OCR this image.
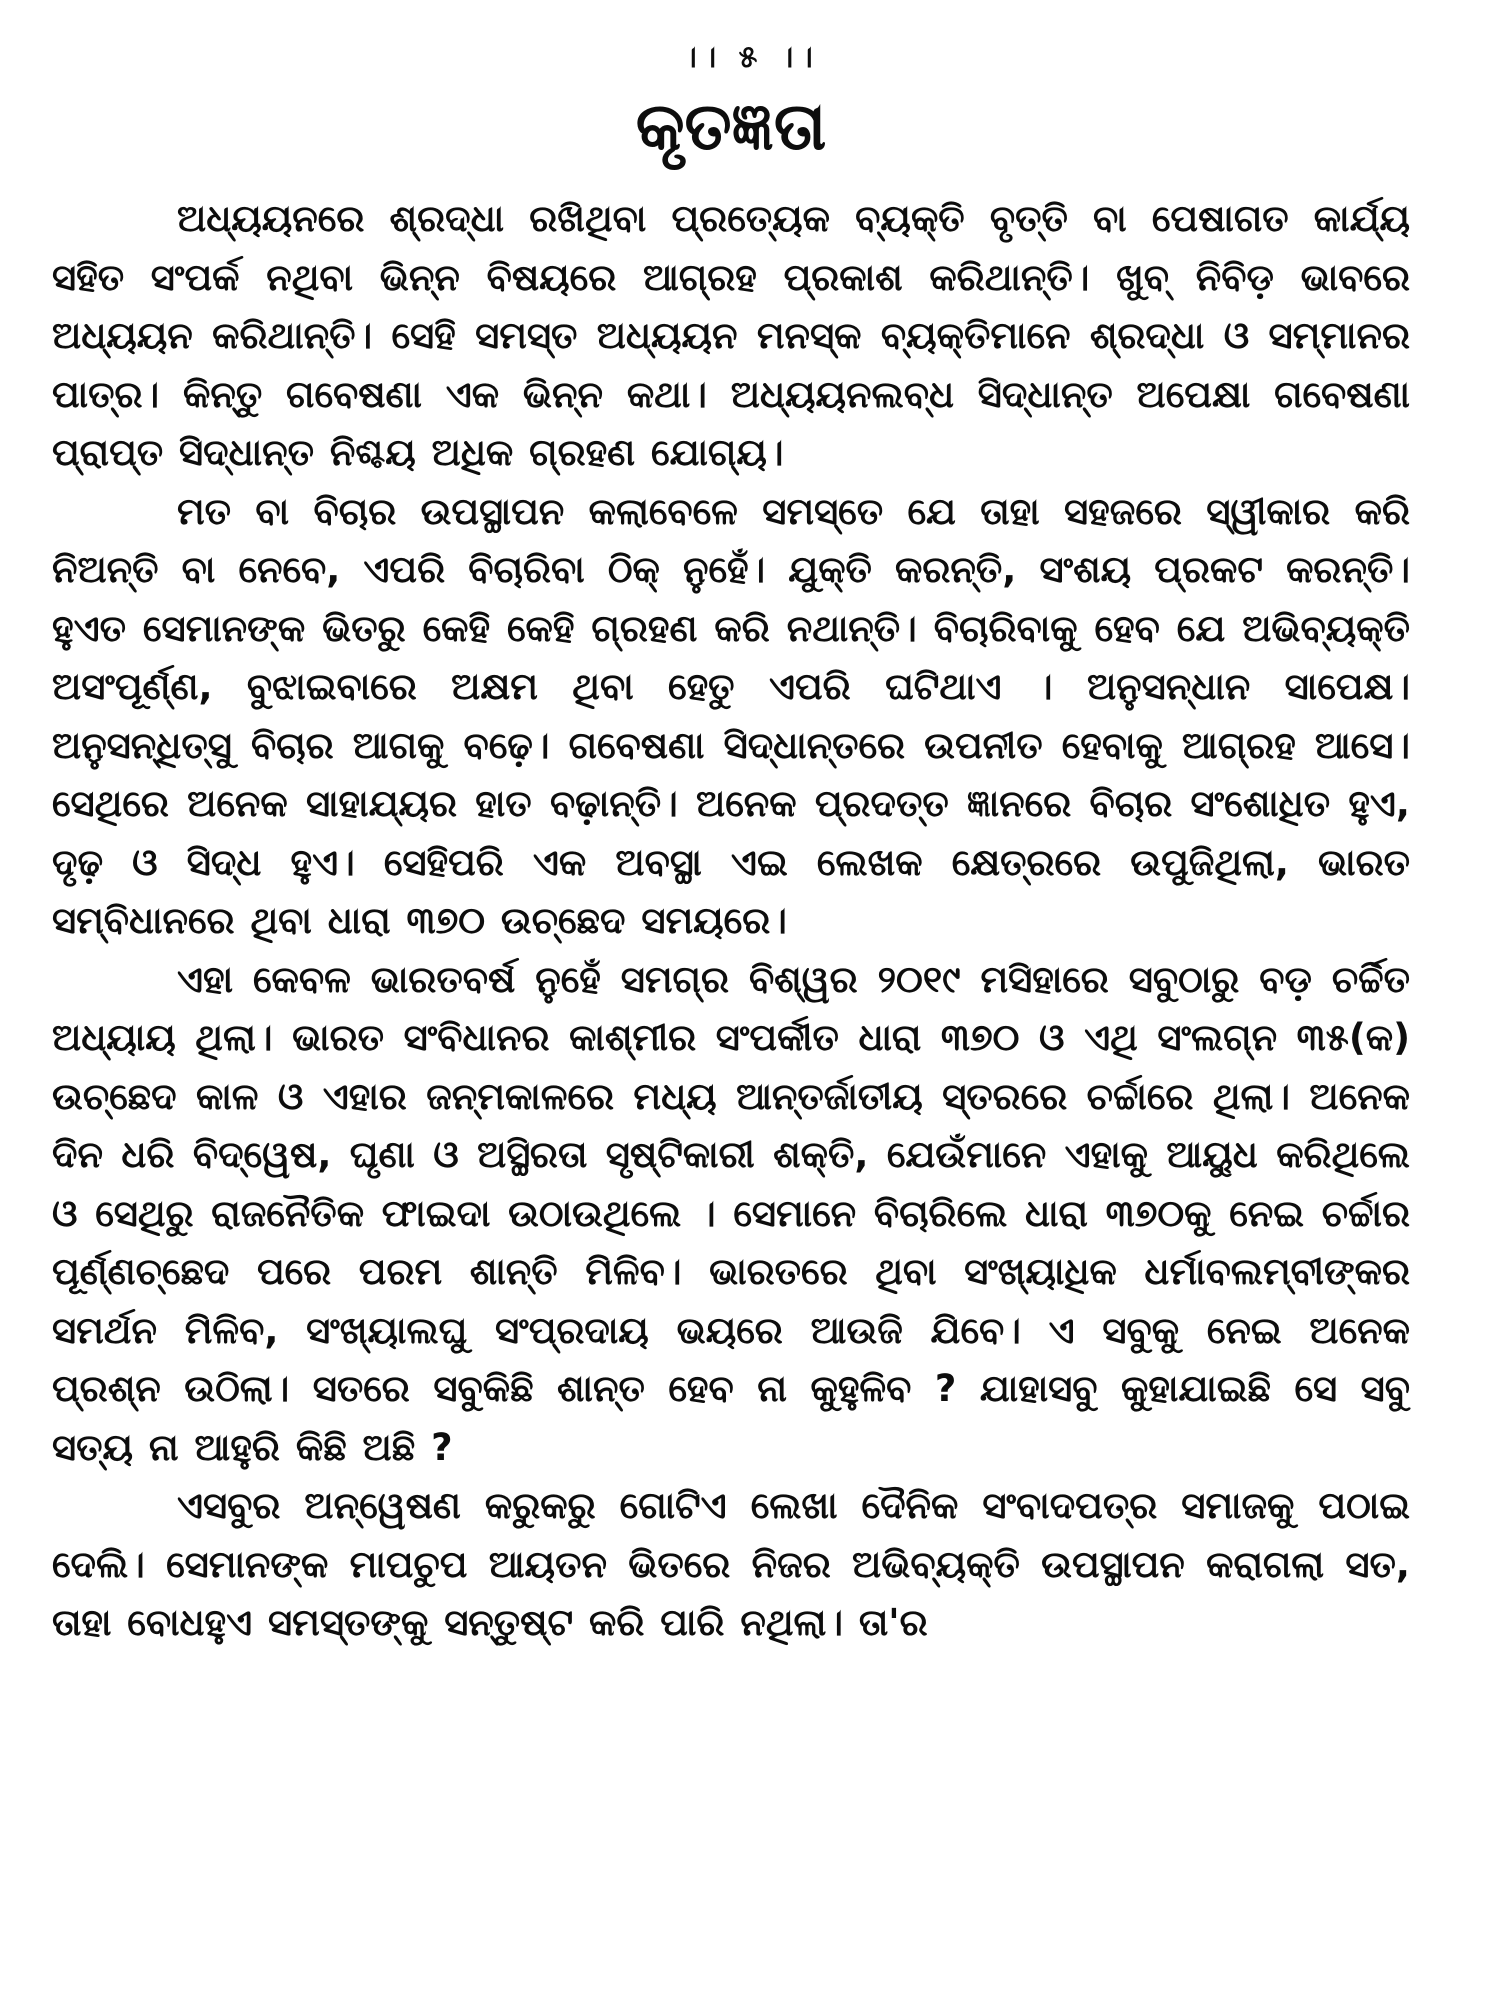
।। ୫ ।।
କୃତଜ୍ଞତା

ଅଧ୍ୟୟନରେ ଶ୍ରଦ୍ଧା ରଖିଥିବା ପ୍ରତ୍ୟେକ ବ୍ୟକ୍ତି ବୃତ୍ତି ବା ପେଷାଗତ କାର୍ଯ୍ୟ ସହିତ ସଂପର୍କ ନଥିବା ଭିନ୍ନ ବିଷୟରେ ଆଗ୍ରହ ପ୍ରକାଶ କରିଥାନ୍ତି। ଖୁବ୍ ନିବିଡ଼ ଭାବରେ ଅଧ୍ୟୟନ କରିଥାନ୍ତି। ସେହି ସମସ୍ତ ଅଧ୍ୟୟନ ମନସ୍କ ବ୍ୟକ୍ତିମାନେ ଶ୍ରଦ୍ଧା ଓ ସମ୍ମାନର ପାତ୍ର। କିନ୍ତୁ ଗବେଷଣା ଏକ ଭିନ୍ନ କଥା। ଅଧ୍ୟୟନଲବ୍ଧ ସିଦ୍ଧାନ୍ତ ଅପେକ୍ଷା ଗବେଷଣା ପ୍ରାପ୍ତ ସିଦ୍ଧାନ୍ତ ନିଶ୍ଚୟ ଅଧିକ ଗ୍ରହଣ ଯୋଗ୍ୟ।

ମତ ବା ବିଚାର ଉପସ୍ଥାପନ କଲାବେଳେ ସମସ୍ତେ ଯେ ତାହା ସହଜରେ ସ୍ୱୀକାର କରି ନିଅନ୍ତି ବା ନେବେ, ଏପରି ବିଚାରିବା ଠିକ୍ ନୁହେଁ। ଯୁକ୍ତି କରନ୍ତି, ସଂଶୟ ପ୍ରକଟ କରନ୍ତି। ହୁଏତ ସେମାନଙ୍କ ଭିତରୁ କେହି କେହି ଗ୍ରହଣ କରି ନଥାନ୍ତି। ବିଚାରିବାକୁ ହେବ ଯେ ଅଭିବ୍ୟକ୍ତି ଅସଂପୂର୍ଣ୍ଣ, ବୁଝାଇବାରେ ଅକ୍ଷମ ଥିବା ହେତୁ ଏପରି ଘଟିଥାଏ । ଅନୁସନ୍ଧାନ ସାପେକ୍ଷ। ଅନୁସନ୍ଧିତ୍ସୁ ବିଚାର ଆଗକୁ ବଢ଼େ। ଗବେଷଣା ସିଦ୍ଧାନ୍ତରେ ଉପନୀତ ହେବାକୁ ଆଗ୍ରହ ଆସେ। ସେଥିରେ ଅନେକ ସାହାଯ୍ୟର ହାତ ବଢ଼ାନ୍ତି। ଅନେକ ପ୍ରଦତ୍ତ ଜ୍ଞାନରେ ବିଚାର ସଂଶୋଧିତ ହୁଏ, ଦୃଢ଼ ଓ ସିଦ୍ଧ ହୁଏ। ସେହିପରି ଏକ ଅବସ୍ଥା ଏଇ ଲେଖକ କ୍ଷେତ୍ରରେ ଉପୁଜିଥିଲା, ଭାରତ ସମ୍ବିଧାନରେ ଥିବା ଧାରା ୩୭୦ ଉଚ୍ଛେଦ ସମୟରେ।

ଏହା କେବଳ ଭାରତବର୍ଷ ନୁହେଁ ସମଗ୍ର ବିଶ୍ୱର ୨୦୧୯ ମସିହାରେ ସବୁଠାରୁ ବଡ଼ ଚର୍ଚ୍ଚିତ ଅଧ୍ୟାୟ ଥିଲା। ଭାରତ ସଂବିଧାନର କାଶ୍ମୀର ସଂପର୍କୀତ ଧାରା ୩୭୦ ଓ ଏଥି ସଂଲଗ୍ନ ୩୫(କ) ଉଚ୍ଛେଦ କାଳ ଓ ଏହାର ଜନ୍ମକାଳରେ ମଧ୍ୟ ଆନ୍ତର୍ଜାତୀୟ ସ୍ତରରେ ଚର୍ଚ୍ଚାରେ ଥିଲା। ଅନେକ ଦିନ ଧରି ବିଦ୍ୱେଷ, ଘୃଣା ଓ ଅସ୍ଥିରତା ସୃଷ୍ଟିକାରୀ ଶକ୍ତି, ଯେଉଁମାନେ ଏହାକୁ ଆୟୁଧ କରିଥିଲେ ଓ ସେଥିରୁ ରାଜନୈତିକ ଫାଇଦା ଉଠାଉଥିଲେ । ସେମାନେ ବିଚାରିଲେ ଧାରା ୩୭୦କୁ ନେଇ ଚର୍ଚ୍ଚାର ପୂର୍ଣ୍ଣଚ୍ଛେଦ ପରେ ପରମ ଶାନ୍ତି ମିଳିବ। ଭାରତରେ ଥିବା ସଂଖ୍ୟାଧିକ ଧର୍ମାବଲମ୍ବୀଙ୍କର ସମର୍ଥନ ମିଳିବ, ସଂଖ୍ୟାଲଘୁ ସଂପ୍ରଦାୟ ଭୟରେ ଆଉଜି ଯିବେ। ଏ ସବୁକୁ ନେଇ ଅନେକ ପ୍ରଶ୍ନ ଉଠିଲା। ସତରେ ସବୁକିଛି ଶାନ୍ତ ହେବ ନା କୁହୁଳିବ ? ଯାହାସବୁ କୁହାଯାଇଛି ସେ ସବୁ ସତ୍ୟ ନା ଆହୁରି କିଛି ଅଛି ?

ଏସବୁର ଅନ୍ୱେଷଣ କରୁକରୁ ଗୋଟିଏ ଲେଖା ଦୈନିକ ସଂବାଦପତ୍ର ସମାଜକୁ ପଠାଇ ଦେଲି। ସେମାନଙ୍କ ମାପଚୁପ ଆୟତନ ଭିତରେ ନିଜର ଅଭିବ୍ୟକ୍ତି ଉପସ୍ଥାପନ କରାଗଲା ସତ, ତାହା ବୋଧହୁଏ ସମସ୍ତଙ୍କୁ ସନ୍ତୁଷ୍ଟ କରି ପାରି ନଥିଲା। ତା'ର
